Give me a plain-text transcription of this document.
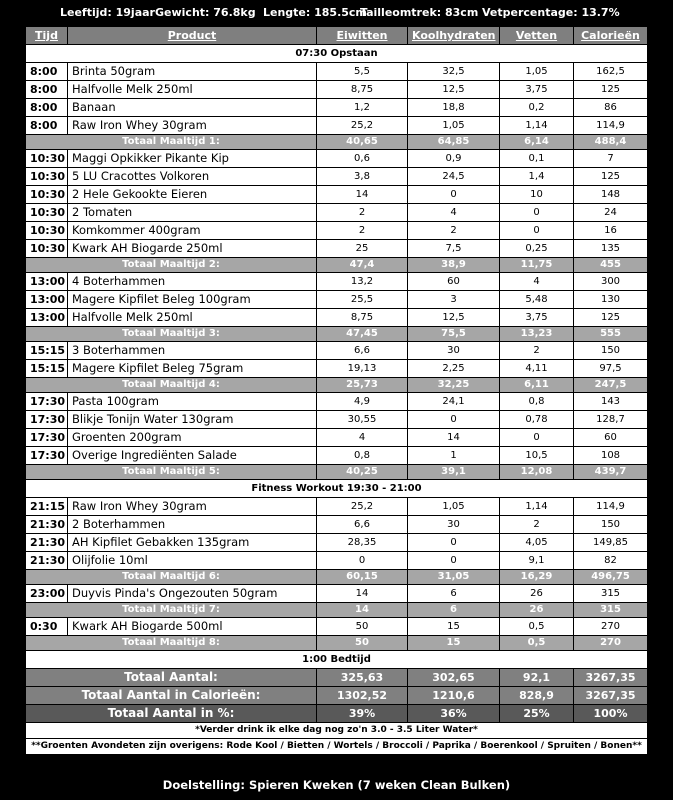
Leeftijd: 19jaar Gewicht: 76.8kg Lengte: 185.5cm
Tailleomtrek: 83cm Vetpercentage: 13.7%
Tijd	Product	Eiwitten	Koolhydraten	Vetten	Calorieën
07:30 Opstaan					
8:00	Brinta 50gram	5,5	32,5	1,05	162,5
8:00	Halfvolle Melk 250ml	8,75	12,5	3,75	125
8:00	Banaan	1,2	18,8	0,2	86
8:00	Raw Iron Whey 30gram	25,2	1,05	1,14	114,9
Totaal Maaltijd 1:		40,65	64,85	6,14	488,4
10:30	Maggi Opkikker Pikante Kip	0,6	0,9	0,1	7
10:30	5 LU Cracottes Volkoren	3,8	24,5	1,4	125
10:30	2 Hele Gekookte Eieren	14	0	10	148
10:30	2 Tomaten	2	4	0	24
10:30	Komkommer 400gram	2	2	0	16
10:30	Kwark AH Biogarde 250ml	25	7,5	0,25	135
Totaal Maaltijd 2:		47,4	38,9	11,75	455
13:00	4 Boterhammen	13,2	60	4	300
13:00	Magere Kipfilet Beleg 100gram	25,5	3	5,48	130
13:00	Halfvolle Melk 250ml	8,75	12,5	3,75	125
Totaal Maaltijd 3:		47,45	75,5	13,23	555
15:15	3 Boterhammen	6,6	30	2	150
15:15	Magere Kipfilet Beleg 75gram	19,13	2,25	4,11	97,5
Totaal Maaltijd 4:		25,73	32,25	6,11	247,5
17:30	Pasta 100gram	4,9	24,1	0,8	143
17:30	Blikje Tonijn Water 130gram	30,55	0	0,78	128,7
17:30	Groenten 200gram	4	14	0	60
17:30	Overige Ingrediënten Salade	0,8	1	10,5	108
Totaal Maaltijd 5:		40,25	39,1	12,08	439,7
Fitness Workout 19:30 - 21:00					
21:15	Raw Iron Whey 30gram	25,2	1,05	1,14	114,9
21:30	2 Boterhammen	6,6	30	2	150
21:30	AH Kipfilet Gebakken 135gram	28,35	0	4,05	149,85
21:30	Olijfolie 10ml	0	0	9,1	82
Totaal Maaltijd 6:		60,15	31,05	16,29	496,75
23:00	Duyvis Pinda's Ongezouten 50gram	14	6	26	315
Totaal Maaltijd 7:		14	6	26	315
0:30	Kwark AH Biogarde 500ml	50	15	0,5	270
Totaal Maaltijd 8:		50	15	0,5	270
1:00 Bedtijd					
Totaal Aantal:		325,63	302,65	92,1	3267,35
Totaal Aantal in Calorieën:		1302,52	1210,6	828,9	3267,35
Totaal Aantal in %:		39%	36%	25%	100%
*Verder drink ik elke dag nog zo'n 3.0 - 3.5 Liter Water*					
**Groenten Avondeten zijn overigens: Rode Kool / Bietten / Wortels / Broccoli / Paprika / Boerenkool / Spruiten / Bonen**					
Doelstelling: Spieren Kweken (7 weken Clean Bulken)
